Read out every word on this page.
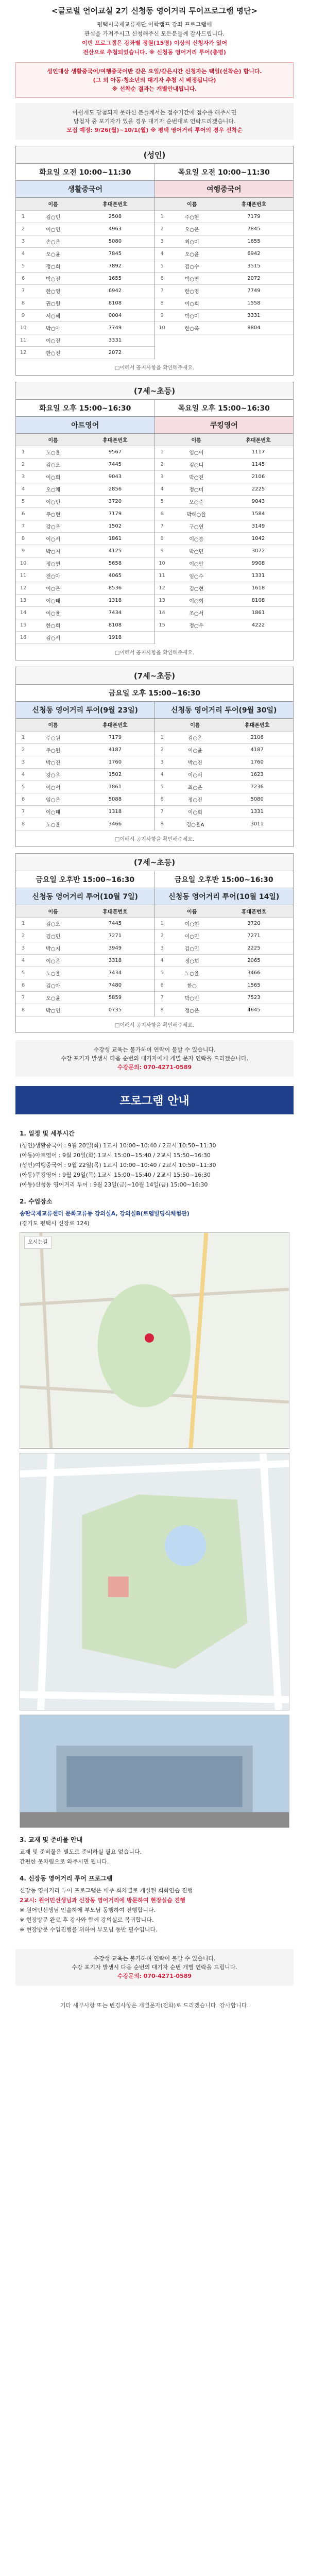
<글로벌 언어교실 2기 신청동 영어거리 투어프로그램 명단>
평택시국제교류재단 어학캠프 강좌 프로그램에
관심을 가져주시고 신청해주신 모든분들께 감사드립니다.
이번 프로그램은 강좌별 정원(15명) 이상의 신청자가 있어
전산으로 추첨되었습니다. ※ 신청동 영어거리 투어(총명)
성인대상 생활중국어/여행중국어반 같은 요일/같은시간 신청자는 택일(선착순) 합니다.
(그 외 아동·청소년의 대기자 추첨 시 배정됩니다)
※ 선착순 결과는 개별안내됩니다.
아쉽게도 당첨되지 못하신 분들께서는 접수기간에 접수를 해주시면
당첨자 중 포기자가 있을 경우 대기자 순번대로 연락드리겠습니다.
모집 예정: 9/26(월)~10/1(월) ※ 평택 영어거리 투어의 경우 선착순
(성인)
화요일 오전 10:00~11:30	목요일 오전 10:00~11:30
생활중국어
	이름	휴대폰번호
1	김○민	2508
2	이○연	4963
3	손○은	5080
4	오○윤	7845
5	정○희	7892
6	박○진	1655
7	한○영	6942
8	권○원	8108
9	서○혜	0004
10	박○아	7749
11	이○진	3331
12	한○진	2072
여행중국어
	이름	휴대폰번호
1	주○현	7179
2	오○은	7845
3	최○미	1655
4	오○윤	6942
5	김○수	3515
6	박○연	2072
7	한○영	7749
8	이○희	1558
9	박○미	3331
10	한○옥	8804
□이해서 공지사항을 확인해주세요.
(7세~초등)
화요일 오후 15:00~16:30	목요일 오후 15:00~16:30
아트영어
	이름	휴대폰번호
1	노○율	9567
2	김○오	7445
3	이○희	9043
4	오○채	2856
5	이○민	3720
6	주○현	7179
7	강○우	1502
8	이○서	1861
9	박○지	4125
10	정○연	5658
11	전○아	4065
12	이○은	8536
13	이○태	1318
14	이○율	7434
15	한○희	8108
16	김○서	1918
쿠킹영어
	이름	휴대폰번호
1	임○이	1117
2	김○니	1145
3	박○진	2106
4	정○미	2225
5	오○준	9043
6	박혜○율	1584
7	구○연	3149
8	이○름	1042
9	박○민	3072
10	이○안	9908
11	임○수	1331
12	김○현	1618
13	이○희	8108
14	조○서	1861
15	정○우	4222
□이해서 공지사항을 확인해주세요.
(7세~초등)
금요일 오후 15:00~16:30
신청동 영어거리 투어(9월 23일)
	이름	휴대폰번호
1	주○원	7179
2	주○원	4187
3	박○진	1760
4	강○우	1502
5	이○서	1861
6	임○은	5088
7	이○태	1318
8	노○율	3466
신청동 영어거리 투어(9월 30일)
	이름	휴대폰번호
1	김○은	2106
2	이○윤	4187
3	박○진	1760
4	이○서	1623
5	최○은	7236
6	정○진	5080
7	이○희	1331
8	김○율A	3011
□이해서 공지사항을 확인해주세요.
(7세~초등)
금요일 오후반 15:00~16:30	금요일 오후반 15:00~16:30
신청동 영어거리 투어(10월 7일)
	이름	휴대폰번호
1	김○오	7445
2	김○민	7271
3	박○지	3949
4	이○은	3318
5	노○율	7434
6	김○아	7480
7	오○윤	5859
8	박○연	0735
신청동 영어거리 투어(10월 14일)
	이름	휴대폰번호
1	이○현	3720
2	이○민	7271
3	김○민	2225
4	정○희	2065
5	노○율	3466
6	한○	1565
7	박○빈	7523
8	정○은	4645
□이해서 공지사항을 확인해주세요.
수강생 교육는 불가하며 연락이 불발 수 있습니다.
수강 포기자 발생시 다음 순번의 대기자에게 개별 문자 연락을 드리겠습니다.
수강문의: 070-4271-0589
프로그램 안내
1. 일정 및 세부시간
(성인)생활중국어 : 9월 20일(화) 1교시 10:00~10:40 / 2교시 10:50~11:30
(아동)아트영어 : 9월 20일(화) 1교시 15:00~15:40 / 2교시 15:50~16:30
(성인)여행중국어 : 9월 22일(목) 1교시 10:00~10:40 / 2교시 10:50~11:30
(아동)쿠킹영어 : 9월 29일(목) 1교시 15:00~15:40 / 2교시 15:50~16:30
(아동)신청동 영어거리 투어 : 9월 23일(금)~10월 14일(금) 15:00~16:30
2. 수업장소
송탄국제교류센터 문화교류동 강의실A, 강의실B(로뎀빌딩식체험관)
(경기도 평택시 신장로 124)
오시는길
3. 교재 및 준비물 안내
교재 및 준비물은 별도로 준비하실 필요 없습니다.
간편한 옷차림으로 와주시면 됩니다.
4. 신장동 영어거리 투어 프로그램
신장동 영어거리 투어 프로그램은 매주 회차별로 개설된 회화연습 진행
2교시: 원어민선생님과 신장동 영어거리에 방문하여 현장실습 진행
※ 원어민선생님 인솔하에 부모님 동행하여 진행합니다.
※ 현장방문 완료 후 강사와 함께 강의실로 복귀합니다.
※ 현장방문 수업진행을 위하여 부모님 동반 필수입니다.
수강생 교육는 불가하며 연락이 불발 수 있습니다.
수강 포기자 발생시 다음 순번의 대기자 순번 개별 연락을 드립니다.
수강문의: 070-4271-0589
기타 세부사항 또는 변경사항은 개별문자(전화)로 드리겠습니다. 감사합니다.
